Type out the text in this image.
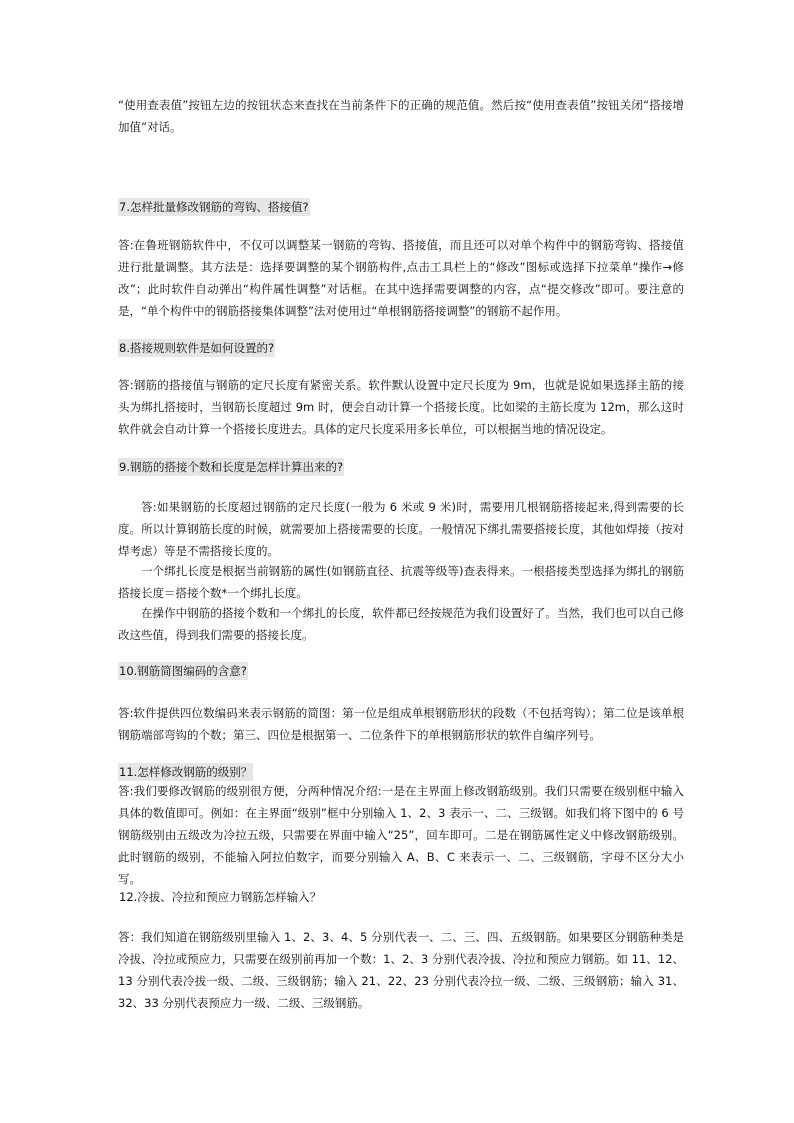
“使用查表值”按钮左边的按钮状态来查找在当前条件下的正确的规范值。然后按“使用查表值”按钮关闭“搭接增加值”对话。

7.怎样批量修改钢筋的弯钩、搭接值?

答:在鲁班钢筋软件中，不仅可以调整某一钢筋的弯钩、搭接值，而且还可以对单个构件中的钢筋弯钩、搭接值进行批量调整。其方法是：选择要调整的某个钢筋构件,点击工具栏上的“修改”图标或选择下拉菜单“操作→修改”；此时软件自动弹出“构件属性调整”对话框。在其中选择需要调整的内容，点“提交修改”即可。要注意的是，“单个构件中的钢筋搭接集体调整”法对使用过“单根钢筋搭接调整”的钢筋不起作用。

8.搭接规则软件是如何设置的?

答:钢筋的搭接值与钢筋的定尺长度有紧密关系。软件默认设置中定尺长度为 9m，也就是说如果选择主筋的接头为绑扎搭接时，当钢筋长度超过 9m 时，便会自动计算一个搭接长度。比如梁的主筋长度为 12m，那么这时软件就会自动计算一个搭接长度进去。具体的定尺长度采用多长单位，可以根据当地的情况设定。

9.钢筋的搭接个数和长度是怎样计算出来的?

答:如果钢筋的长度超过钢筋的定尺长度(一般为 6 米或 9 米)时，需要用几根钢筋搭接起来,得到需要的长度。所以计算钢筋长度的时候，就需要加上搭接需要的长度。一般情况下绑扎需要搭接长度，其他如焊接（按对焊考虑）等是不需搭接长度的。

一个绑扎长度是根据当前钢筋的属性(如钢筋直径、抗震等级等)查表得来。一根搭接类型选择为绑扎的钢筋搭接长度＝搭接个数*一个绑扎长度。

在操作中钢筋的搭接个数和一个绑扎的长度，软件都已经按规范为我们设置好了。当然，我们也可以自己修改这些值，得到我们需要的搭接长度。

10.钢筋简图编码的含意?

答:软件提供四位数编码来表示钢筋的简图：第一位是组成单根钢筋形状的段数（不包括弯钩）；第二位是该单根钢筋端部弯钩的个数；第三、四位是根据第一、二位条件下的单根钢筋形状的软件自编序列号。

11.怎样修改钢筋的级别？

答:我们要修改钢筋的级别很方便，分两种情况介绍:一是在主界面上修改钢筋级别。我们只需要在级别框中输入具体的数值即可。例如：在主界面“级别”框中分别输入 1、2、3 表示一、二、三级钢。如我们将下图中的 6 号钢筋级别由五级改为冷拉五级，只需要在界面中输入“25”，回车即可。二是在钢筋属性定义中修改钢筋级别。此时钢筋的级别，不能输入阿拉伯数字，而要分别输入 A、B、C 来表示一、二、三级钢筋，字母不区分大小写。

12.冷拔、冷拉和预应力钢筋怎样输入？

答：我们知道在钢筋级别里输入 1、2、3、4、5 分别代表一、二、三、四、五级钢筋。如果要区分钢筋种类是冷拔、冷拉或预应力，只需要在级别前再加一个数：1、2、3 分别代表冷拔、冷拉和预应力钢筋。如 11、12、13 分别代表冷拔一级、二级、三级钢筋；输入 21、22、23 分别代表冷拉一级、二级、三级钢筋；输入 31、32、33 分别代表预应力一级、二级、三级钢筋。
